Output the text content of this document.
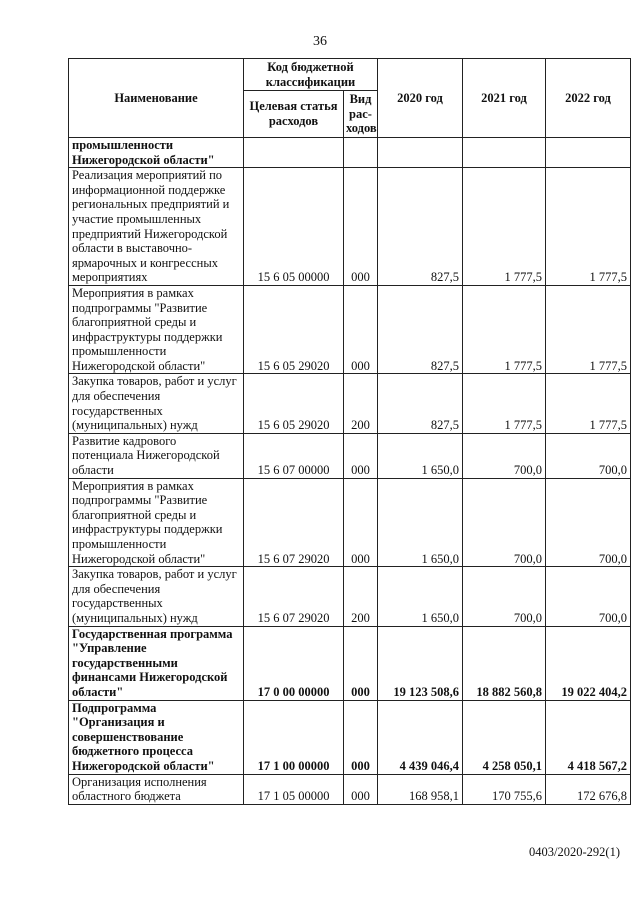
36
Наименование	Код бюджетной классификации		2020 год	2021 год	2022 год
	Целевая статья расходов	Вид рас-ходов			
промышленности Нижегородской области"					
Реализация мероприятий по информационной поддержке региональных предприятий и участие промышленных предприятий Нижегородской области в выставочно-ярмарочных и конгрессных мероприятиях	15 6 05 00000	000	827,5	1 777,5	1 777,5
Мероприятия в рамках подпрограммы "Развитие благоприятной среды и инфраструктуры поддержки промышленности Нижегородской области"	15 6 05 29020	000	827,5	1 777,5	1 777,5
Закупка товаров, работ и услуг для обеспечения государственных (муниципальных) нужд	15 6 05 29020	200	827,5	1 777,5	1 777,5
Развитие кадрового потенциала Нижегородской области	15 6 07 00000	000	1 650,0	700,0	700,0
Мероприятия в рамках подпрограммы "Развитие благоприятной среды и инфраструктуры поддержки промышленности Нижегородской области"	15 6 07 29020	000	1 650,0	700,0	700,0
Закупка товаров, работ и услуг для обеспечения государственных (муниципальных) нужд	15 6 07 29020	200	1 650,0	700,0	700,0
Государственная программа "Управление государственными финансами Нижегородской области"	17 0 00 00000	000	19 123 508,6	18 882 560,8	19 022 404,2
Подпрограмма "Организация и совершенствование бюджетного процесса Нижегородской области"	17 1 00 00000	000	4 439 046,4	4 258 050,1	4 418 567,2
Организация исполнения областного бюджета	17 1 05 00000	000	168 958,1	170 755,6	172 676,8
0403/2020-292(1)
